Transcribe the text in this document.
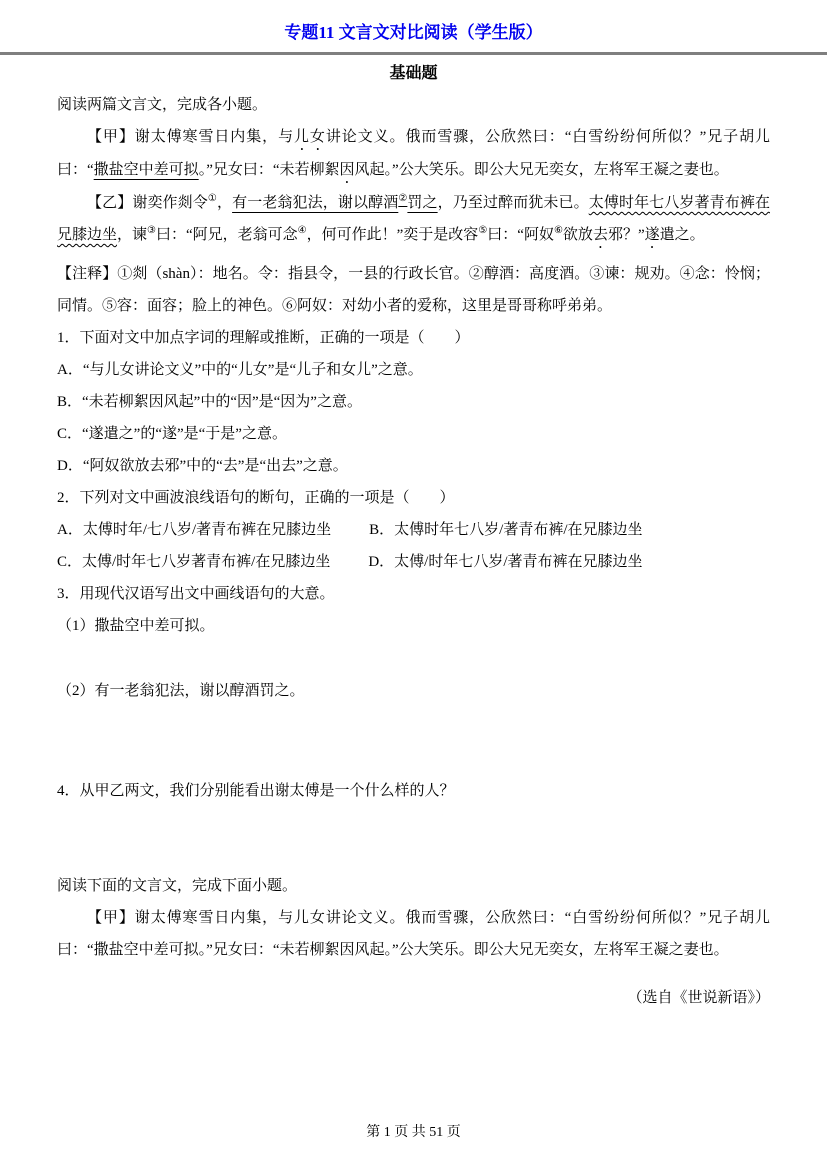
专题11 文言文对比阅读（学生版）
基础题
阅读两篇文言文，完成各小题。
【甲】谢太傅寒雪日内集，与儿女讲论文义。俄而雪骤，公欣然曰：“白雪纷纷何所似？”兄子胡儿曰：“撒盐空中差可拟。”兄女曰：“未若柳絮因风起。”公大笑乐。即公大兄无奕女，左将军王凝之妻也。
【乙】谢奕作剡令①，有一老翁犯法，谢以醇酒②罚之，乃至过醉而犹未已。太傅时年七八岁著青布裤在兄膝边坐，谏③曰：“阿兄，老翁可念④，何可作此！”奕于是改容⑤曰：“阿奴⑥欲放去邪？”遂遣之。
【注释】①剡（shàn）：地名。令：指县令，一县的行政长官。②醇酒：高度酒。③谏：规劝。④念：怜悯；同情。⑤容：面容；脸上的神色。⑥阿奴：对幼小者的爱称，这里是哥哥称呼弟弟。
1．下面对文中加点字词的理解或推断，正确的一项是（　　）
A．“与儿女讲论文义”中的“儿女”是“儿子和女儿”之意。
B．“未若柳絮因风起”中的“因”是“因为”之意。
C．“遂遣之”的“遂”是“于是”之意。
D．“阿奴欲放去邪”中的“去”是“出去”之意。
2．下列对文中画波浪线语句的断句，正确的一项是（　　）
A．太傅时年/七八岁/著青布裤在兄膝边坐	B．太傅时年七八岁/著青布裤/在兄膝边坐
C．太傅/时年七八岁著青布裤/在兄膝边坐	D．太傅/时年七八岁/著青布裤在兄膝边坐
3．用现代汉语写出文中画线语句的大意。
（1）撒盐空中差可拟。
（2）有一老翁犯法，谢以醇酒罚之。
4．从甲乙两文，我们分别能看出谢太傅是一个什么样的人？
阅读下面的文言文，完成下面小题。
【甲】谢太傅寒雪日内集，与儿女讲论文义。俄而雪骤，公欣然曰：“白雪纷纷何所似？”兄子胡儿曰：“撒盐空中差可拟。”兄女曰：“未若柳絮因风起。”公大笑乐。即公大兄无奕女，左将军王凝之妻也。
（选自《世说新语》）
第 1 页 共 51 页
